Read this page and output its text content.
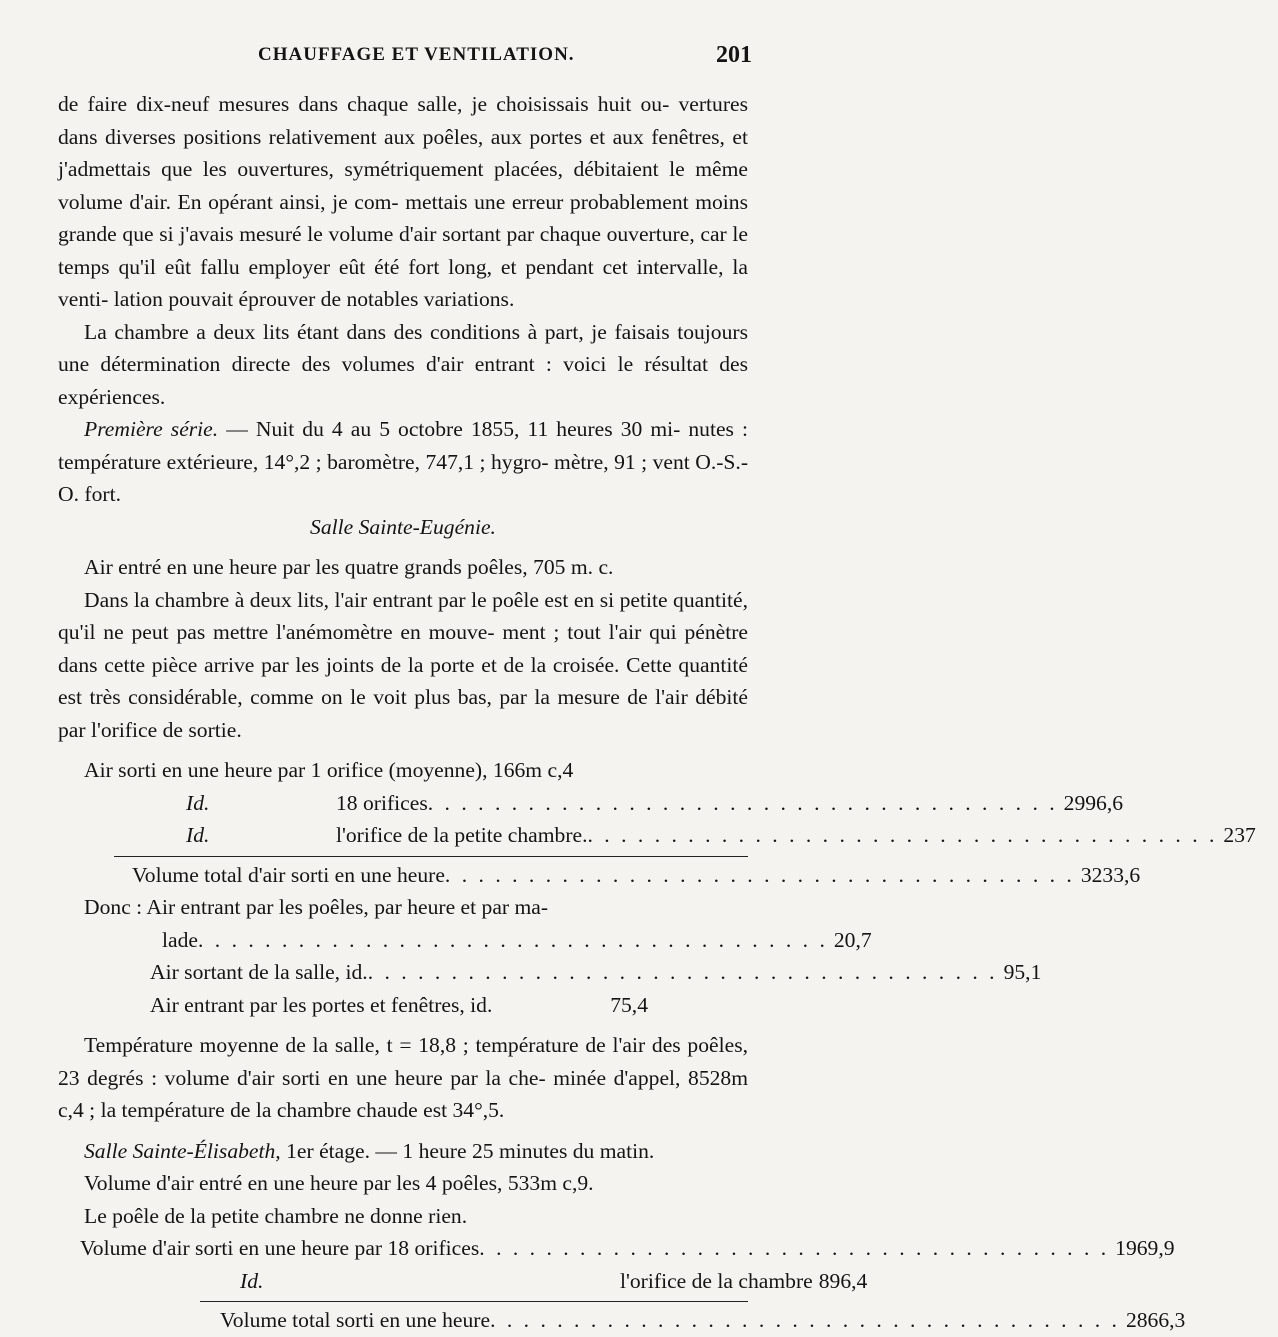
CHAUFFAGE ET VENTILATION.	201

de faire dix-neuf mesures dans chaque salle, je choisissais huit ou- vertures dans diverses positions relativement aux poêles, aux portes et aux fenêtres, et j'admettais que les ouvertures, symétriquement placées, débitaient le même volume d'air. En opérant ainsi, je com- mettais une erreur probablement moins grande que si j'avais mesuré le volume d'air sortant par chaque ouverture, car le temps qu'il eût fallu employer eût été fort long, et pendant cet intervalle, la venti- lation pouvait éprouver de notables variations.

La chambre a deux lits étant dans des conditions à part, je faisais toujours une détermination directe des volumes d'air entrant : voici le résultat des expériences.

Première série. — Nuit du 4 au 5 octobre 1855, 11 heures 30 mi- nutes : température extérieure, 14°,2 ; baromètre, 747,1 ; hygro- mètre, 91 ; vent O.-S.-O. fort.

Salle Sainte-Eugénie.

Air entré en une heure par les quatre grands poêles, 705 m. c.

Dans la chambre à deux lits, l'air entrant par le poêle est en si petite quantité, qu'il ne peut pas mettre l'anémomètre en mouve- ment ; tout l'air qui pénètre dans cette pièce arrive par les joints de la porte et de la croisée. Cette quantité est très considérable, comme on le voit plus bas, par la mesure de l'air débité par l'orifice de sortie.

Air sorti en une heure par 1 orifice (moyenne), 166m c,4
Id.	18 orifices . . .	2996,6
Id.	l'orifice de la petite chambre. . . .	237
Volume total d'air sorti en une heure . . .	3233,6

Donc : Air entrant par les poêles, par heure et par ma-

lade . . .	20,7
Air sortant de la salle, id. . . .	95,1
Air entrant par les portes et fenêtres, id.	75,4

Température moyenne de la salle, t = 18,8 ; température de l'air des poêles, 23 degrés : volume d'air sorti en une heure par la che- minée d'appel, 8528m c,4 ; la température de la chambre chaude est 34°,5.

Salle Sainte-Élisabeth, 1er étage. — 1 heure 25 minutes du matin.

Volume d'air entré en une heure par les 4 poêles, 533m c,9.

Le poêle de la petite chambre ne donne rien.

Volume d'air sorti en une heure par 18 orifices . . .	1969,9
Id.	l'orifice de la chambre 896,4
Volume total sorti en une heure . . .	2866,3
